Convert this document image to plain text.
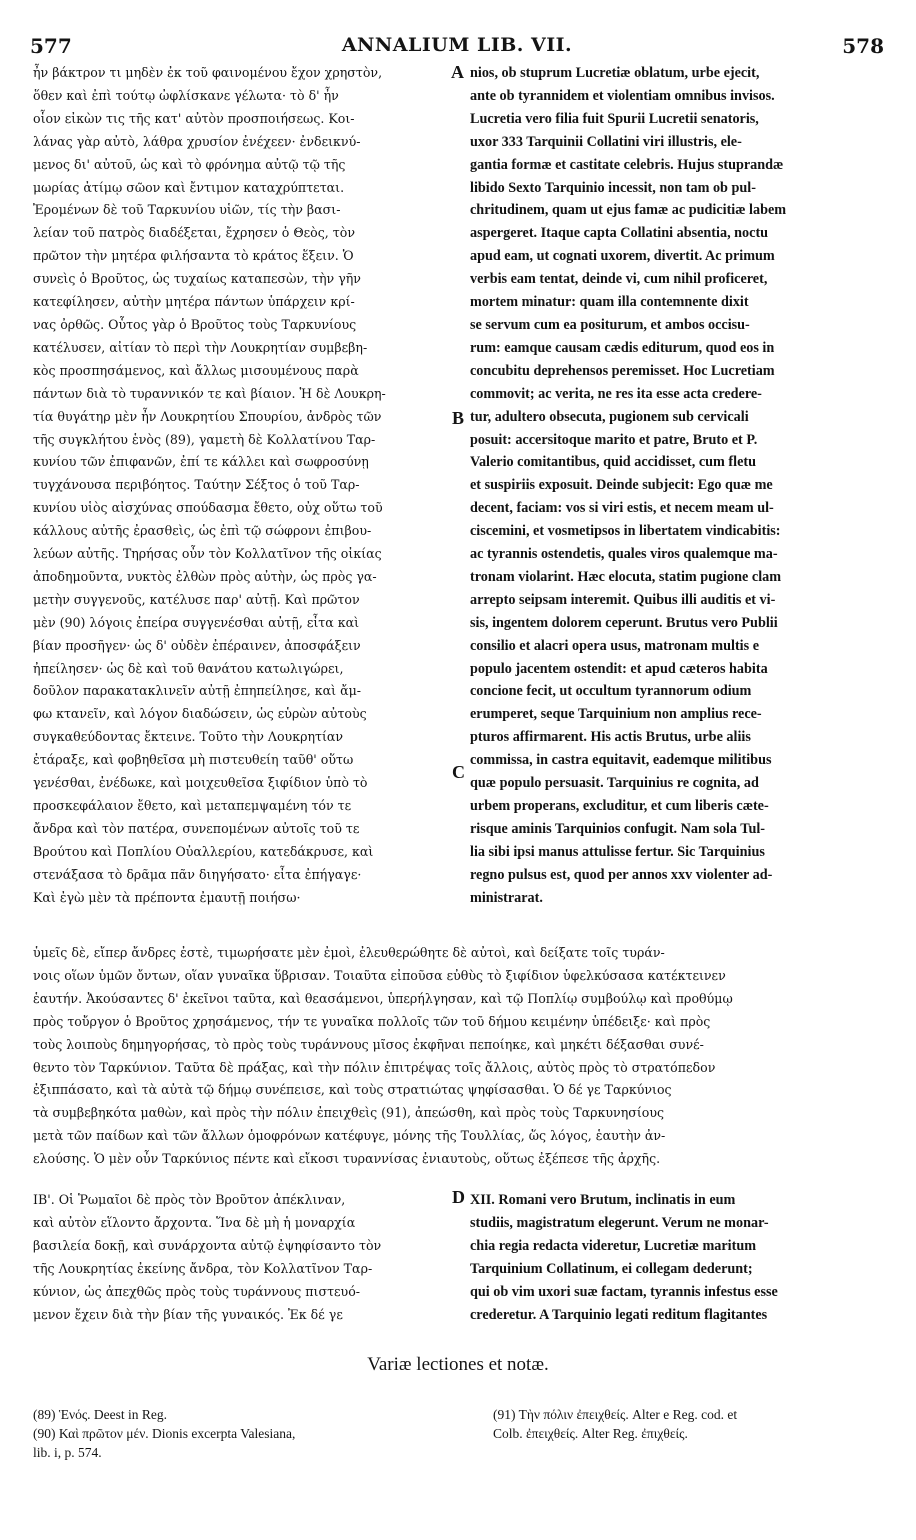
577	ANNALIUM LIB. VII.	578
ἦν βάκτρον τι μηδὲν ἐκ τοῦ φαινομένου ἔχον χρηστὸν,
ὅθεν καὶ ἐπὶ τούτῳ ὠφλίσκανε γέλωτα· τὸ δ' ἦν
οἷον εἰκὼν τις τῆς κατ' αὐτὸν προσποιήσεως. Κοι-
λάνας γὰρ αὐτὸ, λάθρα χρυσίον ἐνέχεεν· ἐνδεικνύ-
μενος δι' αὐτοῦ, ὡς καὶ τὸ φρόνημα αὐτῷ τῷ τῆς
μωρίας ἀτίμῳ σῶον καὶ ἔντιμον καταχρύπτεται.
Ἐρομένων δὲ τοῦ Ταρκυνίου υἱῶν, τίς τὴν βασι-
λείαν τοῦ πατρὸς διαδέξεται, ἔχρησεν ὁ Θεὸς, τὸν
πρῶτον τὴν μητέρα φιλήσαντα τὸ κράτος ἕξειν. Ὁ
συνεὶς ὁ Βροῦτος, ὡς τυχαίως καταπεσὼν, τὴν γῆν
κατεφίλησεν, αὐτὴν μητέρα πάντων ὑπάρχειν κρί-
νας ὀρθῶς. Οὗτος γὰρ ὁ Βροῦτος τοὺς Ταρκυνίους
κατέλυσεν, αἰτίαν τὸ περὶ τὴν Λουκρητίαν συμβεβη-
κὸς προσπησάμενος, καὶ ἄλλως μισουμένους παρὰ
πάντων διὰ τὸ τυραννικόν τε καὶ βίαιον. Ἡ δὲ Λουκρη-
τία θυγάτηρ μὲν ἦν Λουκρητίου Σπουρίου, ἀνδρὸς τῶν
τῆς συγκλήτου ἑνὸς (89), γαμετὴ δὲ Κολλατίνου Ταρ-
κυνίου τῶν ἐπιφανῶν, ἐπί τε κάλλει καὶ σωφροσύνῃ
τυγχάνουσα περιβόητος. Ταύτην Σέξτος ὁ τοῦ Ταρ-
κυνίου υἱὸς αἰσχύνας σπούδασμα ἔθετο, οὐχ οὕτω τοῦ
κάλλους αὐτῆς ἐρασθεὶς, ὡς ἐπὶ τῷ σώφρονι ἐπιβου-
λεύων αὐτῆς. Τηρήσας οὖν τὸν Κολλατῖνον τῆς οἰκίας
ἀποδημοῦντα, νυκτὸς ἐλθὼν πρὸς αὐτὴν, ὡς πρὸς γα-
μετὴν συγγενοῦς, κατέλυσε παρ' αὐτῇ. Καὶ πρῶτον
μὲν (90) λόγοις ἐπείρα συγγενέσθαι αὐτῇ, εἶτα καὶ
βίαν προσῆγεν· ὡς δ' οὐδὲν ἐπέραινεν, ἀποσφάξειν
ἠπείλησεν· ὡς δὲ καὶ τοῦ θανάτου κατωλιγώρει,
δοῦλον παρακατακλινεῖν αὐτῇ ἐπηπείλησε, καὶ ἄμ-
φω κτανεῖν, καὶ λόγον διαδώσειν, ὡς εὑρὼν αὐτοὺς
συγκαθεύδοντας ἔκτεινε. Τοῦτο τὴν Λουκρητίαν
ἐτάραξε, καὶ φοβηθεῖσα μὴ πιστευθείη ταῦθ' οὕτω
γενέσθαι, ἐνέδωκε, καὶ μοιχευθεῖσα ξιφίδιον ὑπὸ τὸ
προσκεφάλαιον ἔθετο, καὶ μεταπεμψαμένη τόν τε
ἄνδρα καὶ τὸν πατέρα, συνεπομένων αὐτοῖς τοῦ τε
Βρούτου καὶ Ποπλίου Οὐαλλερίου, κατεδάκρυσε, καὶ
στενάξασα τὸ δρᾶμα πᾶν διηγήσατο· εἶτα ἐπήγαγε·
Καὶ ἐγὼ μὲν τὰ πρέποντα ἐμαυτῇ ποιήσω·
nios, ob stuprum Lucretiæ oblatum, urbe ejecit,
ante ob tyrannidem et violentiam omnibus invisos.
Lucretia vero filia fuit Spurii Lucretii senatoris,
uxor 333 Tarquinii Collatini viri illustris, ele-
gantia formæ et castitate celebris. Hujus stuprandæ
libido Sexto Tarquinio incessit, non tam ob pul-
chritudinem, quam ut ejus famæ ac pudicitiæ labem
aspergeret. Itaque capta Collatini absentia, noctu
apud eam, ut cognati uxorem, divertit. Ac primum
verbis eam tentat, deinde vi, cum nihil proficeret,
mortem minatur: quam illa contemnente dixit
se servum cum ea positurum, et ambos occisu-
rum: eamque causam cædis editurum, quod eos in
concubitu deprehensos peremisset. Hoc Lucretiam
commovit; ac verita, ne res ita esse acta credere-
tur, adultero obsecuta, pugionem sub cervicali
posuit: accersitoque marito et patre, Bruto et P.
Valerio comitantibus, quid accidisset, cum fletu
et suspiriis exposuit. Deinde subjecit: Ego quæ me
decent, faciam: vos si viri estis, et necem meam ul-
ciscemini, et vosmetipsos in libertatem vindicabitis:
ac tyrannis ostendetis, quales viros qualemque ma-
tronam violarint. Hæc elocuta, statim pugione clam
arrepto seipsam interemit. Quibus illi auditis et vi-
sis, ingentem dolorem ceperunt. Brutus vero Publii
consilio et alacri opera usus, matronam multis e
populo jacentem ostendit: et apud cæteros habita
concione fecit, ut occultum tyrannorum odium
erumperet, seque Tarquinium non amplius rece-
pturos affirmarent. His actis Brutus, urbe aliis
commissa, in castra equitavit, eademque militibus
quæ populo persuasit. Tarquinius re cognita, ad
urbem properans, excluditur, et cum liberis cæte-
risque aminis Tarquinios confugit. Nam sola Tul-
lia sibi ipsi manus attulisse fertur. Sic Tarquinius
regno pulsus est, quod per annos xxv violenter ad-
ministrarat.
A
B
C
D
ὑμεῖς δὲ, εἴπερ ἄνδρες ἐστὲ, τιμωρήσατε μὲν ἐμοὶ, ἐλευθερώθητε δὲ αὐτοὶ, καὶ δείξατε τοῖς τυράν-
νοις οἵων ὑμῶν ὄντων, οἵαν γυναῖκα ὕβρισαν. Τοιαῦτα εἰποῦσα εὐθὺς τὸ ξιφίδιον ὑφελκύσασα κατέκτεινεν
ἑαυτήν. Ἀκούσαντες δ' ἐκεῖνοι ταῦτα, καὶ θεασάμενοι, ὑπερήλγησαν, καὶ τῷ Ποπλίῳ συμβούλῳ καὶ προθύμῳ
πρὸς τοὔργον ὁ Βροῦτος χρησάμενος, τήν τε γυναῖκα πολλοῖς τῶν τοῦ δήμου κειμένην ὑπέδειξε· καὶ πρὸς
τοὺς λοιποὺς δημηγορήσας, τὸ πρὸς τοὺς τυράννους μῖσος ἐκφῆναι πεποίηκε, καὶ μηκέτι δέξασθαι συνέ-
θεντο τὸν Ταρκύνιον. Ταῦτα δὲ πράξας, καὶ τὴν πόλιν ἐπιτρέψας τοῖς ἄλλοις, αὐτὸς πρὸς τὸ στρατόπεδον
ἐξιππάσατο, καὶ τὰ αὐτὰ τῷ δήμῳ συνέπεισε, καὶ τοὺς στρατιώτας ψηφίσασθαι. Ὁ δέ γε Ταρκύνιος
τὰ συμβεβηκότα μαθὼν, καὶ πρὸς τὴν πόλιν ἐπειχθεὶς (91), ἀπεώσθη, καὶ πρὸς τοὺς Ταρκυνησίους
μετὰ τῶν παίδων καὶ τῶν ἄλλων ὁμοφρόνων κατέφυγε, μόνης τῆς Τουλλίας, ὥς λόγος, ἑαυτὴν ἀν-
ελούσης. Ὁ μὲν οὖν Ταρκύνιος πέντε καὶ εἴκοσι τυραννίσας ἐνιαυτοὺς, οὕτως ἐξέπεσε τῆς ἀρχῆς.
ΙΒ'. Οἱ Ῥωμαῖοι δὲ πρὸς τὸν Βροῦτον ἀπέκλιναν,
καὶ αὐτὸν εἵλοντο ἄρχοντα. Ἵνα δὲ μὴ ἡ μοναρχία
βασιλεία δοκῇ, καὶ συνάρχοντα αὐτῷ ἐψηφίσαντο τὸν
τῆς Λουκρητίας ἐκείνης ἄνδρα, τὸν Κολλατῖνον Ταρ-
κύνιον, ὡς ἀπεχθῶς πρὸς τοὺς τυράννους πιστευό-
μενον ἔχειν διὰ τὴν βίαν τῆς γυναικός. Ἐκ δέ γε
XII. Romani vero Brutum, inclinatis in eum
studiis, magistratum elegerunt. Verum ne monar-
chia regia redacta videretur, Lucretiæ maritum
Tarquinium Collatinum, ei collegam dederunt;
qui ob vim uxori suæ factam, tyrannis infestus esse
crederetur. A Tarquinio legati reditum flagitantes
Variæ lectiones et notæ.
(89) Ἑνός. Deest in Reg.
(90) Καὶ πρῶτον μέν. Dionis excerpta Valesiana,
lib. i, p. 574.
(91) Τὴν πόλιν ἐπειχθείς. Alter e Reg. cod. et
Colb. ἐπειχθείς. Alter Reg. ἐπιχθείς.
